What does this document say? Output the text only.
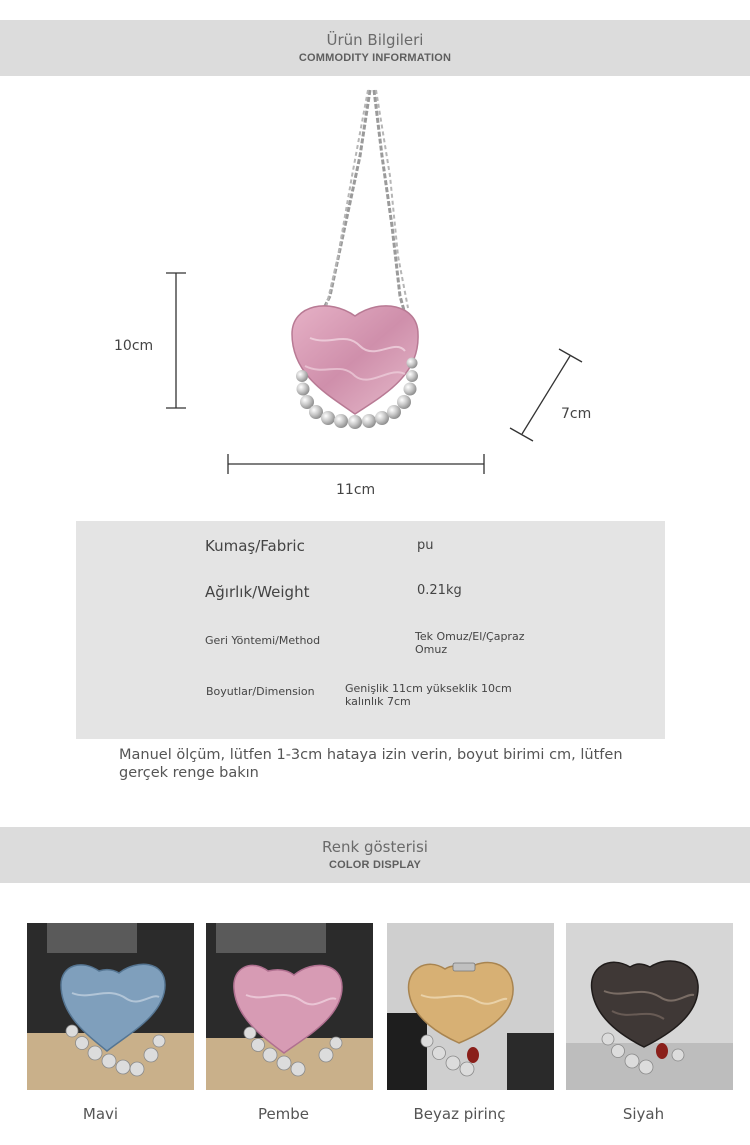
Ürün Bilgileri
COMMODITY INFORMATION
10cm
11cm
7cm
Kumaş/Fabric	pu
Ağırlık/Weight	0.21kg
Geri Yöntemi/Method	Tek Omuz/El/Çapraz Omuz
Boyutlar/Dimension	Genişlik 11cm yükseklik 10cm kalınlık 7cm
Manuel ölçüm, lütfen 1-3cm hataya izin verin, boyut birimi cm, lütfen gerçek renge bakın
Renk gösterisi
COLOR DISPLAY
Mavi	Pembe	Beyaz pirinç	Siyah
